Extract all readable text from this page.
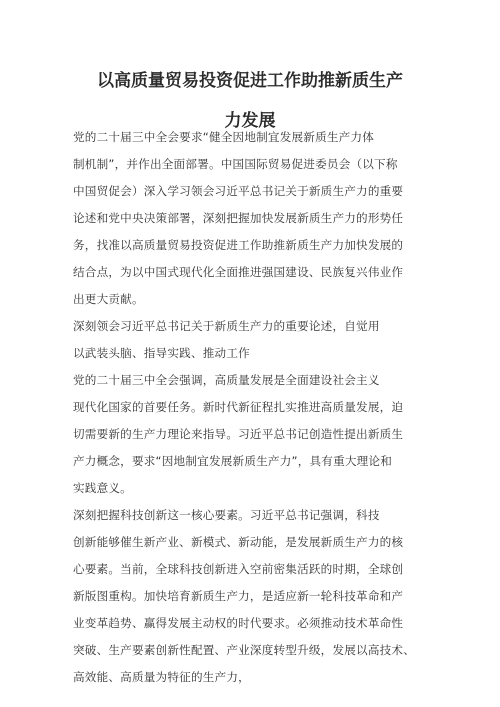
以高质量贸易投资促进工作助推新质生产
力发展
党的二十届三中全会要求“健全因地制宜发展新质生产力体
制机制”，并作出全面部署。中国国际贸易促进委员会（以下称
中国贸促会）深入学习领会习近平总书记关于新质生产力的重要
论述和党中央决策部署，深刻把握加快发展新质生产力的形势任
务，找准以高质量贸易投资促进工作助推新质生产力加快发展的
结合点，为以中国式现代化全面推进强国建设、民族复兴伟业作
出更大贡献。
深刻领会习近平总书记关于新质生产力的重要论述，自觉用
以武装头脑、指导实践、推动工作
党的二十届三中全会强调，高质量发展是全面建设社会主义
现代化国家的首要任务。新时代新征程扎实推进高质量发展，迫
切需要新的生产力理论来指导。习近平总书记创造性提出新质生
产力概念，要求“因地制宜发展新质生产力”，具有重大理论和
实践意义。
深刻把握科技创新这一核心要素。习近平总书记强调，科技
创新能够催生新产业、新模式、新动能，是发展新质生产力的核
心要素。当前，全球科技创新进入空前密集活跃的时期，全球创
新版图重构。加快培育新质生产力，是适应新一轮科技革命和产
业变革趋势、赢得发展主动权的时代要求。必须推动技术革命性
突破、生产要素创新性配置、产业深度转型升级，发展以高技术、
高效能、高质量为特征的生产力，
